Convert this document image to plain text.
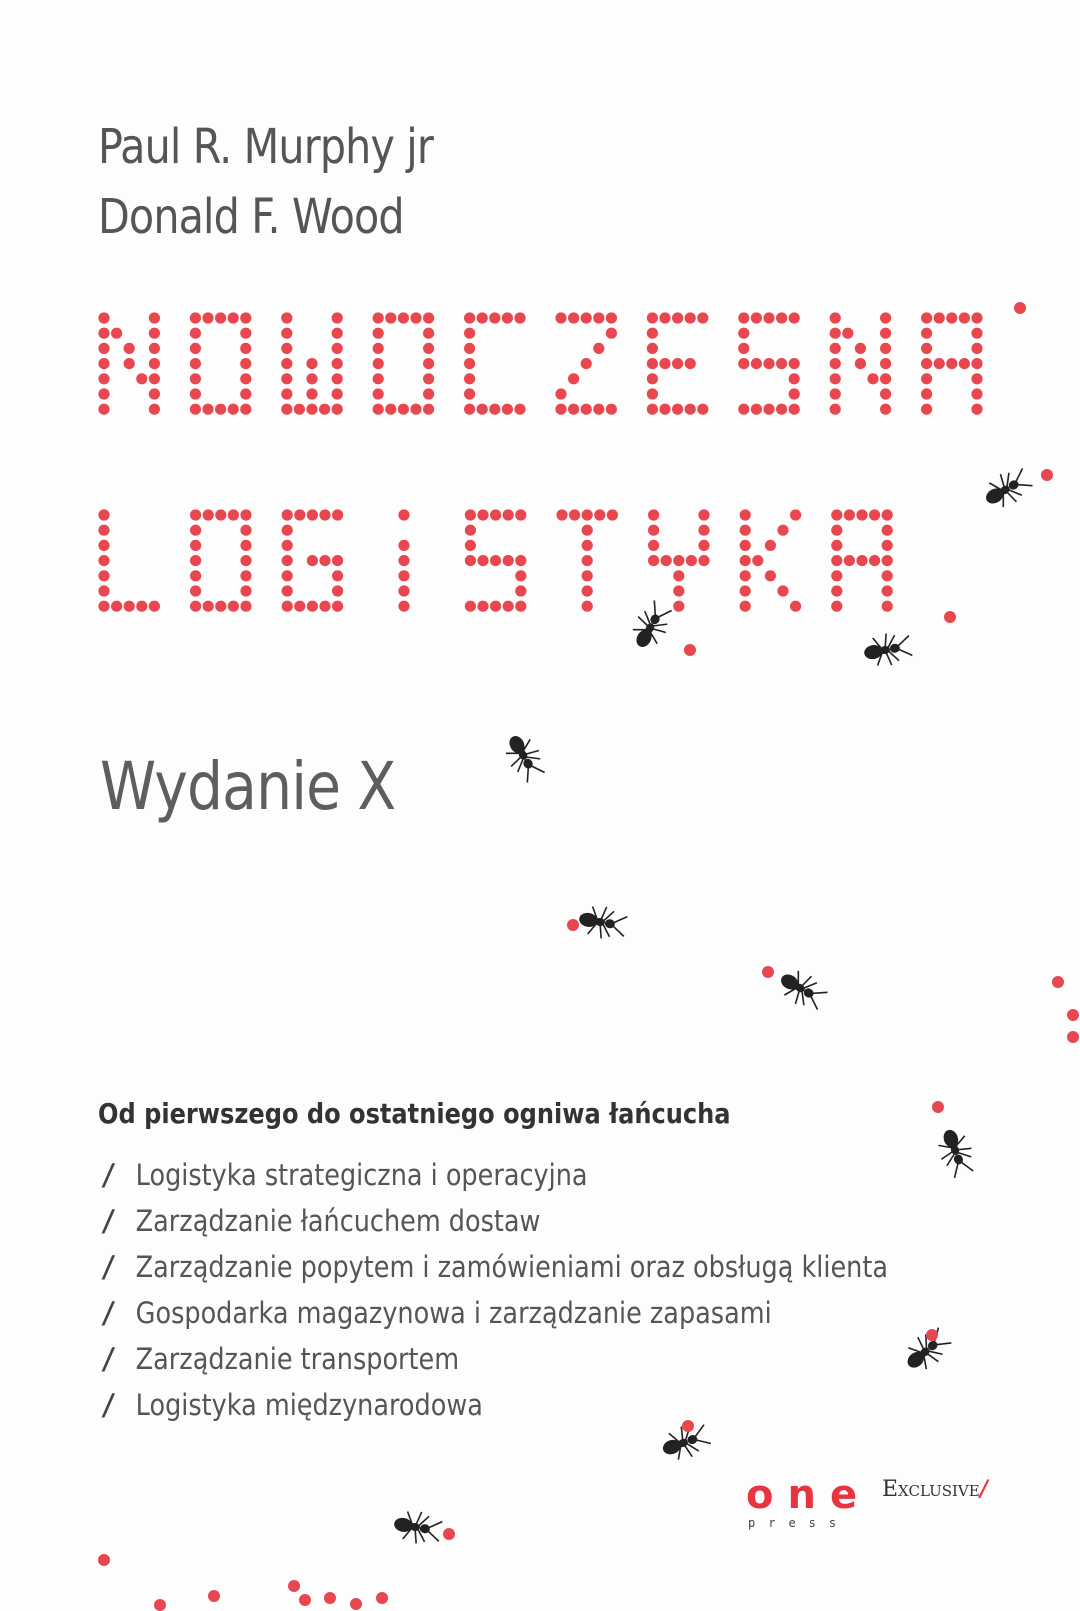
Paul R. Murphy jr
Donald F. Wood
Wydanie X
Od pierwszego do ostatniego ogniwa łańcucha
/ Logistyka strategiczna i operacyjna
/ Zarządzanie łańcuchem dostaw
/ Zarządzanie popytem i zamówieniami oraz obsługą klienta
/ Gospodarka magazynowa i zarządzanie zapasami
/ Zarządzanie transportem
/ Logistyka międzynarodowa
one
press
Exclusive/
